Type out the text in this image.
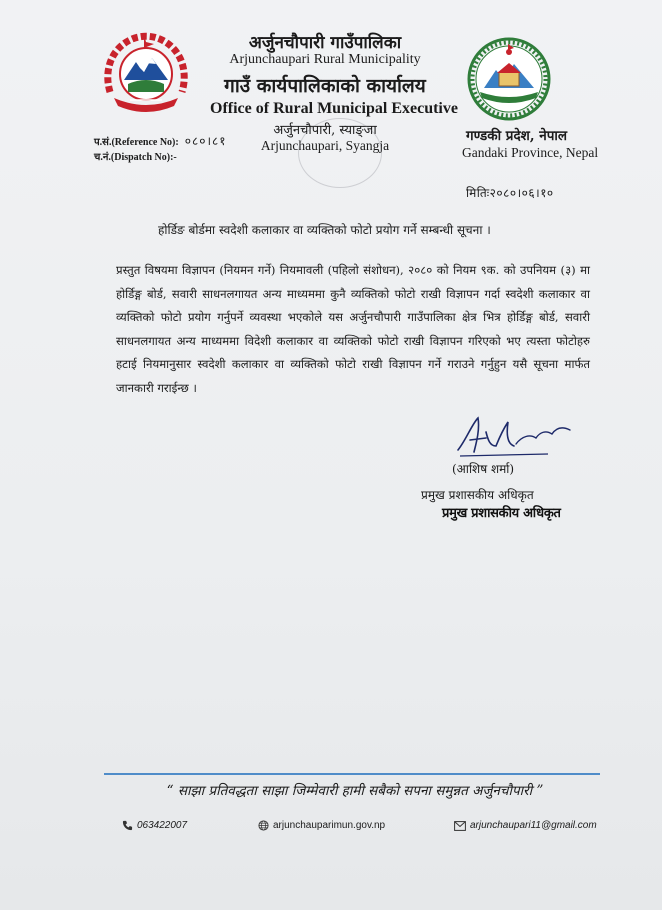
अर्जुनचौपारी गाउँपालिका
Arjunchaupari Rural Municipality
गाउँ कार्यपालिकाको कार्यालय
Office of Rural Municipal Executive
अर्जुनचौपारी, स्याङ्जा
Arjunchaupari, Syangja
गण्डकी प्रदेश, नेपाल
Gandaki Province, Nepal
प.सं.(Reference No): ०८०।८१
च.नं.(Dispatch No):-
मितिः२०८०।०६।१०
होर्डिङ बोर्डमा स्वदेशी कलाकार वा व्यक्तिको फोटो प्रयोग गर्ने सम्बन्धी सूचना ।
प्रस्तुत विषयमा विज्ञापन (नियमन गर्ने) नियमावली (पहिलो संशोधन), २०८० को नियम ९क. को उपनियम (३) मा होर्डिङ्ग बोर्ड, सवारी साधनलगायत अन्य माध्यममा कुनै व्यक्तिको फोटो राखी विज्ञापन गर्दा स्वदेशी कलाकार वा व्यक्तिको फोटो प्रयोग गर्नुपर्ने व्यवस्था भएकोले यस अर्जुनचौपारी गाउँपालिका क्षेत्र भित्र होर्डिङ्ग बोर्ड, सवारी साधनलगायत अन्य माध्यममा विदेशी कलाकार वा व्यक्तिको फोटो राखी विज्ञापन गरिएको भए त्यस्ता फोटोहरु हटाई नियमानुसार स्वदेशी कलाकार वा व्यक्तिको फोटो राखी विज्ञापन गर्ने गराउने गर्नुहुन यसै सूचना मार्फत जानकारी गराईन्छ ।
(आशिष शर्मा)
प्रमुख प्रशासकीय अधिकृत
प्रमुख प्रशासकीय अधिकृत
“ साझा प्रतिवद्धता साझा जिम्मेवारी हामी सबैको सपना समुन्नत अर्जुनचौपारी ”
063422007	arjunchauparimun.gov.np	arjunchaupari11@gmail.com
